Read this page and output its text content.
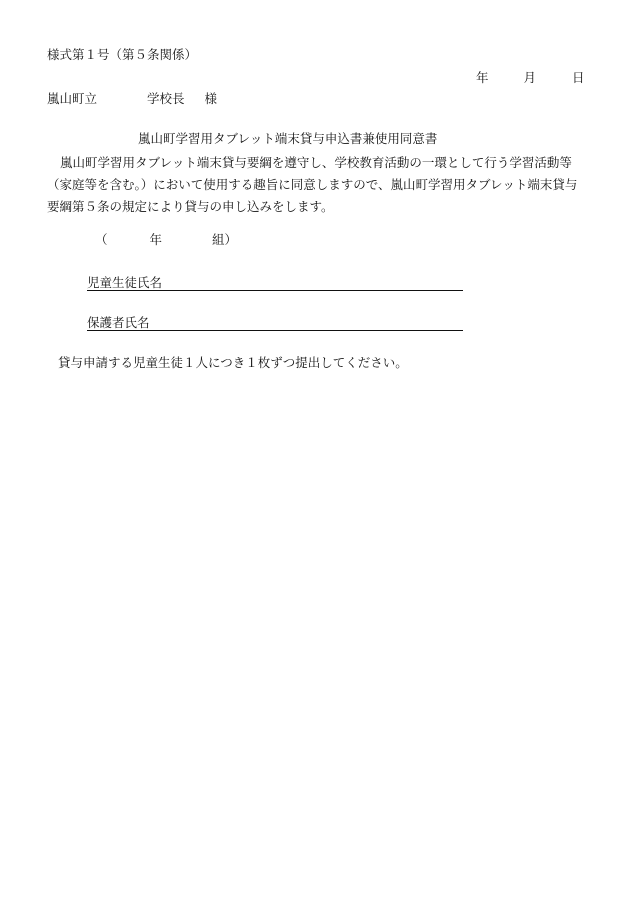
様式第１号（第５条関係）
年	月	日
嵐山町立	学校長 様
嵐山町学習用タブレット端末貸与申込書兼使用同意書

嵐山町学習用タブレット端末貸与要綱を遵守し、学校教育活動の一環として行う学習活動等（家庭等を含む。）において使用する趣旨に同意しますので、嵐山町学習用タブレット端末貸与要綱第５条の規定により貸与の申し込みをします。

（	年	組）
児童生徒氏名
保護者氏名
貸与申請する児童生徒１人につき１枚ずつ提出してください。
